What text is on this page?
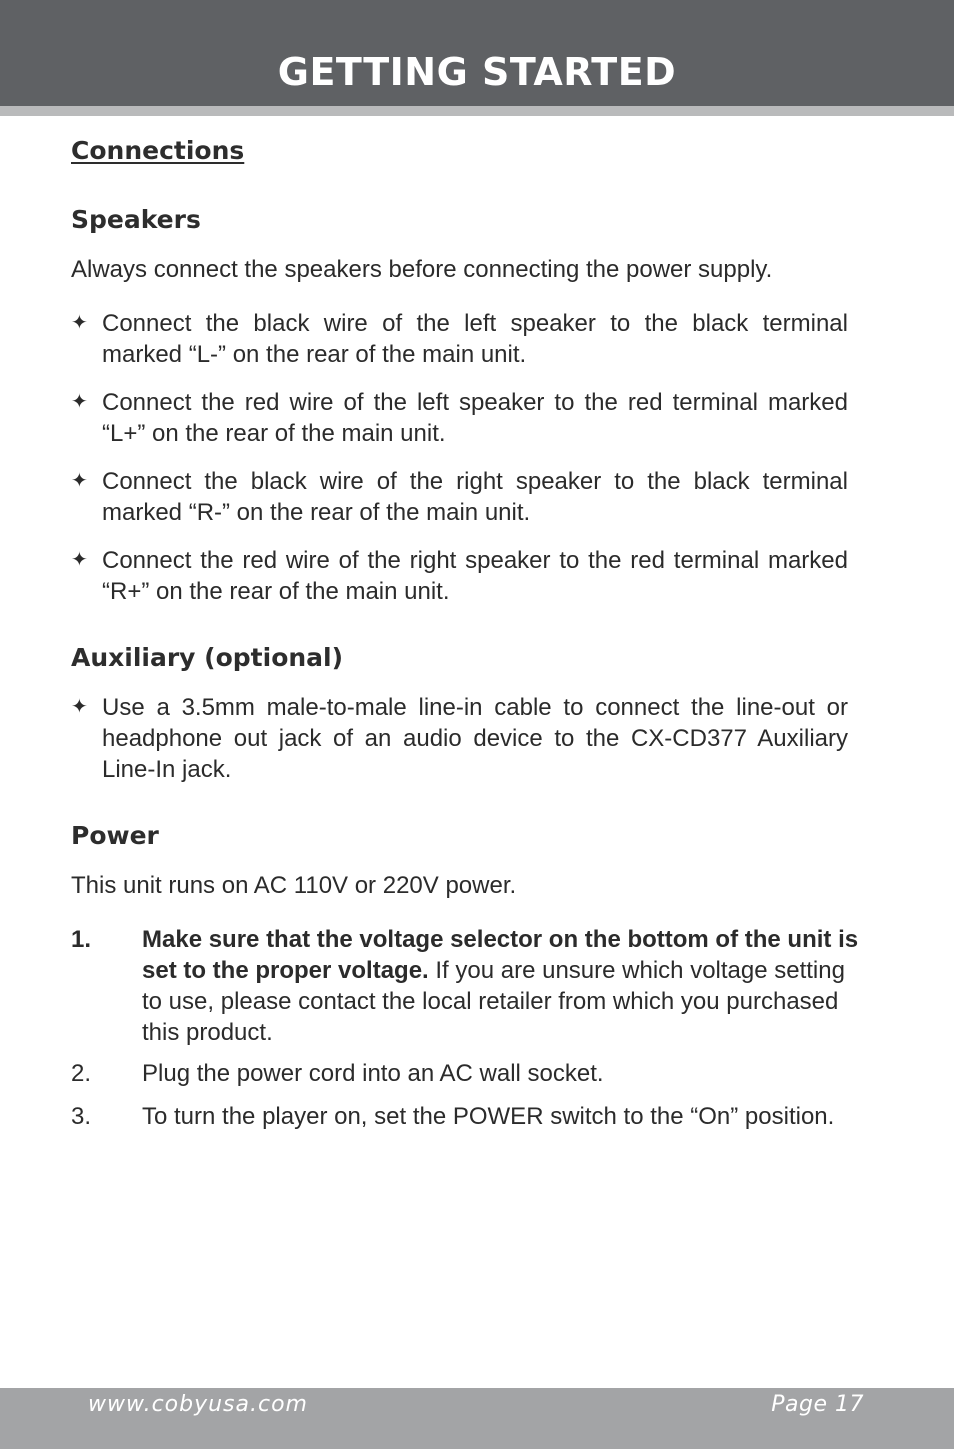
GETTING STARTED
Connections
Speakers
Always connect the speakers before connecting the power supply.
✦ Connect the black wire of the left speaker to the black terminal marked “L-” on the rear of the main unit.
✦ Connect the red wire of the left speaker to the red terminal marked “L+” on the rear of the main unit.
✦ Connect the black wire of the right speaker to the black terminal marked “R-” on the rear of the main unit.
✦ Connect the red wire of the right speaker to the red terminal marked “R+” on the rear of the main unit.
Auxiliary (optional)
✦ Use a 3.5mm male-to-male line-in cable to connect the line-out or headphone out jack of an audio device to the CX-CD377 Auxiliary Line-In jack.
Power
This unit runs on AC 110V or 220V power.
1.	Make sure that the voltage selector on the bottom of the unit is set to the proper voltage. If you are unsure which voltage setting to use, please contact the local retailer from which you purchased this product.
2.	Plug the power cord into an AC wall socket.
3.	To turn the player on, set the POWER switch to the “On” position.
www.cobyusa.com	Page 17
